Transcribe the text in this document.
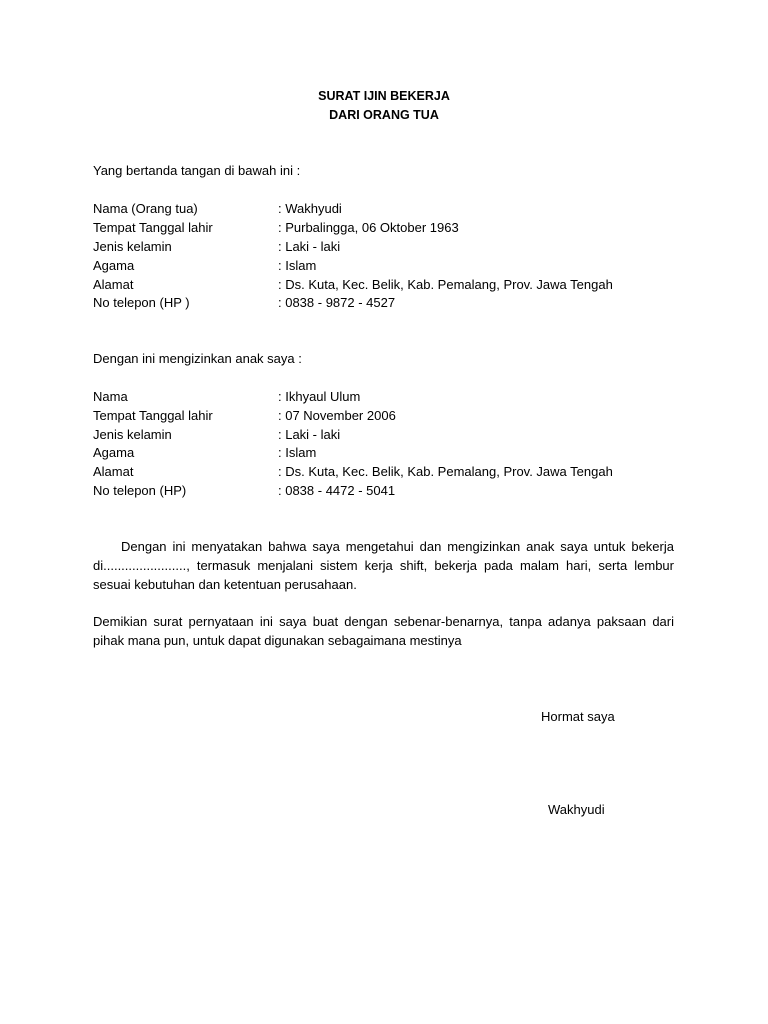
SURAT IJIN BEKERJA
DARI ORANG TUA
Yang bertanda tangan di bawah ini :
Nama (Orang tua)	: Wakhyudi
Tempat Tanggal lahir	: Purbalingga, 06 Oktober 1963
Jenis kelamin	: Laki - laki
Agama	: Islam
Alamat	: Ds. Kuta, Kec. Belik, Kab. Pemalang, Prov. Jawa Tengah
No telepon (HP )	: 0838 - 9872 - 4527
Dengan ini mengizinkan anak saya :
Nama	: Ikhyaul Ulum
Tempat Tanggal lahir	: 07 November 2006
Jenis kelamin	: Laki - laki
Agama	: Islam
Alamat	: Ds. Kuta, Kec. Belik, Kab. Pemalang, Prov. Jawa Tengah
No telepon (HP)	: 0838 - 4472 - 5041
Dengan ini menyatakan bahwa saya mengetahui dan mengizinkan anak saya untuk bekerja di......................., termasuk menjalani sistem kerja shift, bekerja pada malam hari, serta lembur sesuai kebutuhan dan ketentuan perusahaan.
Demikian surat pernyataan ini saya buat dengan sebenar-benarnya, tanpa adanya paksaan dari pihak mana pun, untuk dapat digunakan sebagaimana mestinya
Hormat saya
Wakhyudi
